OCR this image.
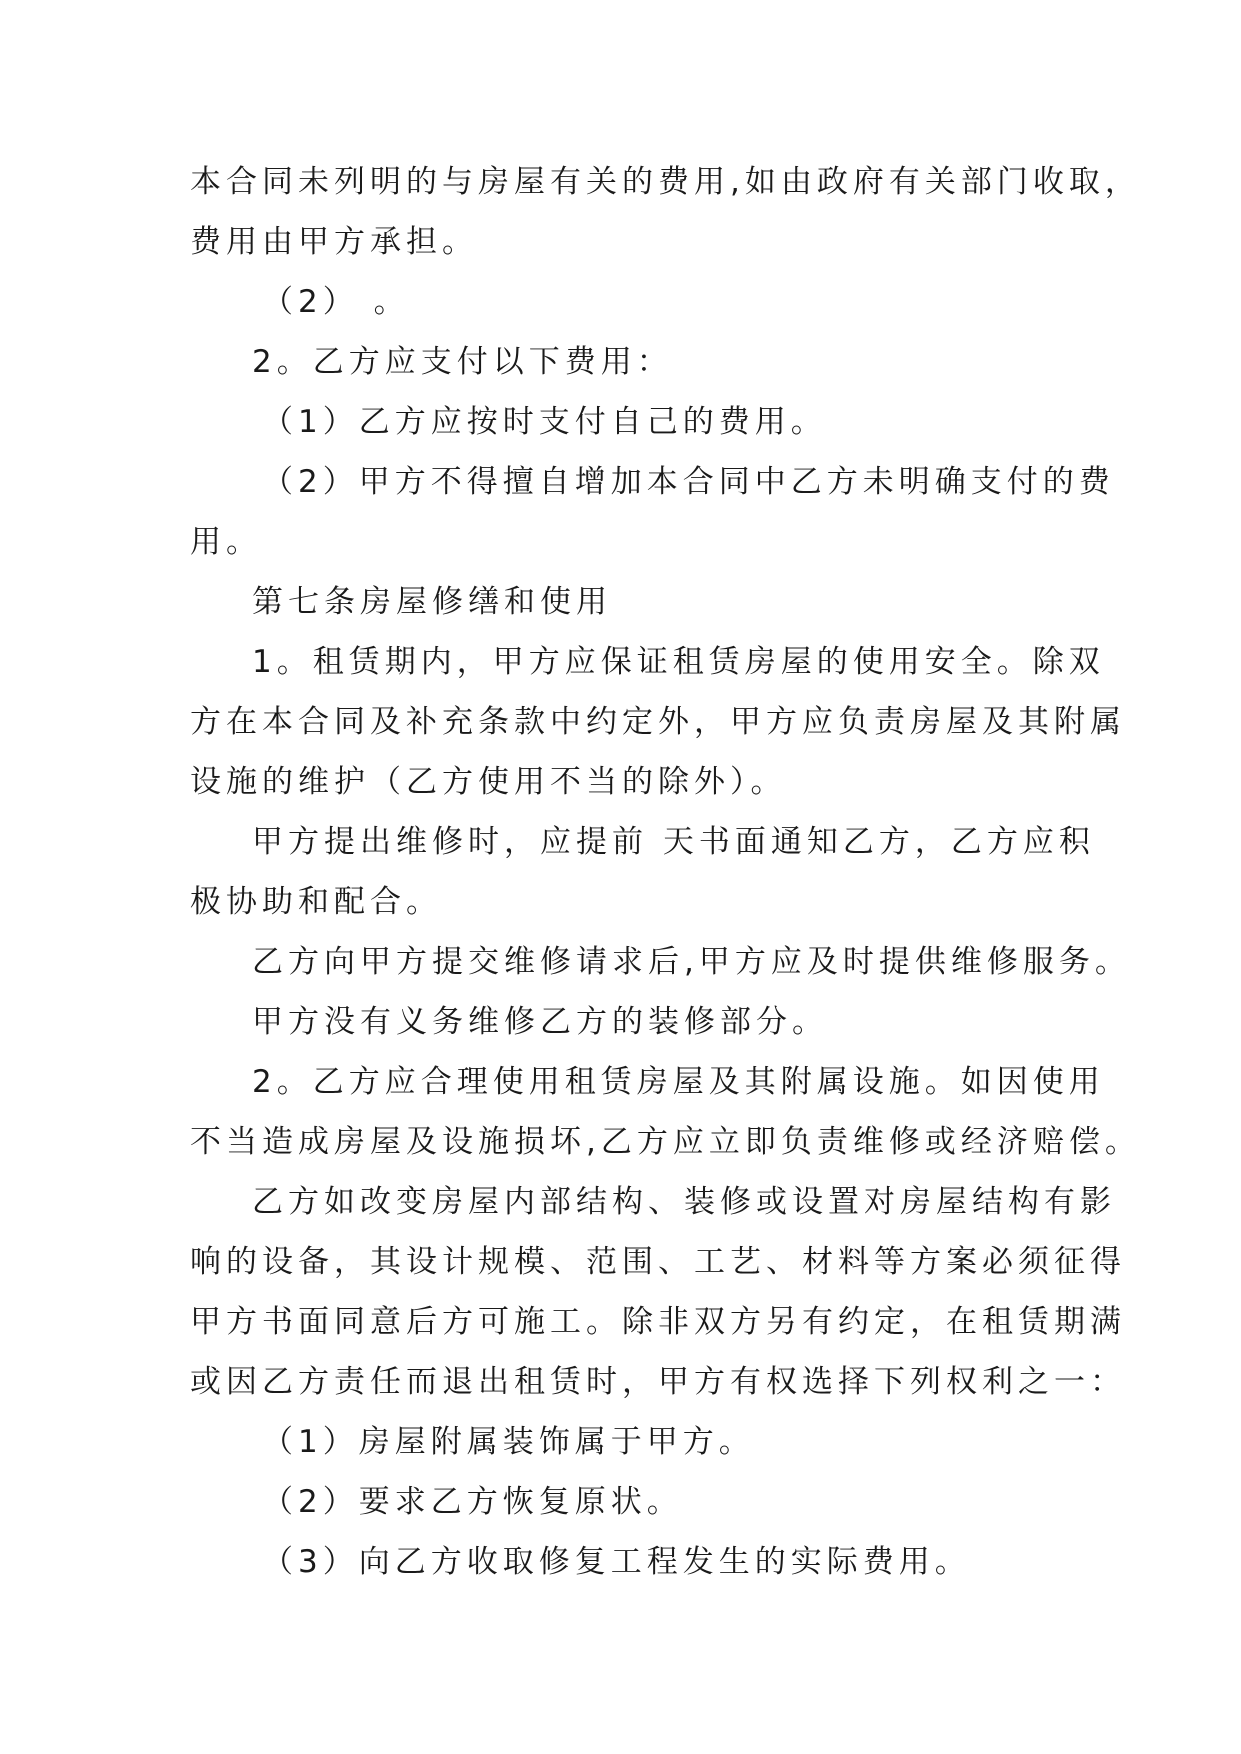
本合同未列明的与房屋有关的费用,如由政府有关部门收取，
费用由甲方承担。
（2） 。
2。乙方应支付以下费用：
（1）乙方应按时支付自己的费用。
（2）甲方不得擅自增加本合同中乙方未明确支付的费
用。
第七条房屋修缮和使用
1。租赁期内，甲方应保证租赁房屋的使用安全。除双
方在本合同及补充条款中约定外，甲方应负责房屋及其附属
设施的维护（乙方使用不当的除外）。
甲方提出维修时，应提前 天书面通知乙方，乙方应积
极协助和配合。
乙方向甲方提交维修请求后,甲方应及时提供维修服务。
甲方没有义务维修乙方的装修部分。
2。乙方应合理使用租赁房屋及其附属设施。如因使用
不当造成房屋及设施损坏,乙方应立即负责维修或经济赔偿。
乙方如改变房屋内部结构、装修或设置对房屋结构有影
响的设备，其设计规模、范围、工艺、材料等方案必须征得
甲方书面同意后方可施工。除非双方另有约定，在租赁期满
或因乙方责任而退出租赁时，甲方有权选择下列权利之一：
（1）房屋附属装饰属于甲方。
（2）要求乙方恢复原状。
（3）向乙方收取修复工程发生的实际费用。
